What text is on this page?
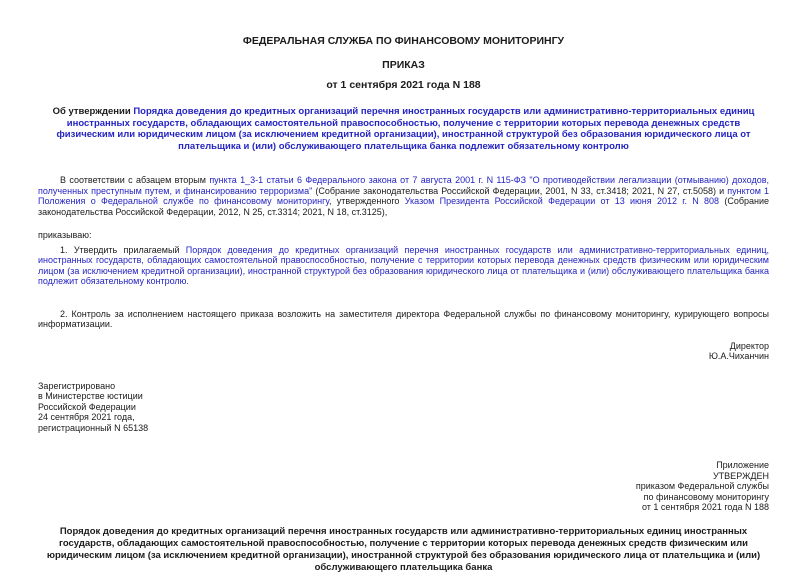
ФЕДЕРАЛЬНАЯ СЛУЖБА ПО ФИНАНСОВОМУ МОНИТОРИНГУ
ПРИКАЗ
от 1 сентября 2021 года N 188
Об утверждении Порядка доведения до кредитных организаций перечня иностранных государств или административно-территориальных единиц иностранных государств, обладающих самостоятельной правоспособностью, получение с территории которых перевода денежных средств физическим или юридическим лицом (за исключением кредитной организации), иностранной структурой без образования юридического лица от плательщика и (или) обслуживающего плательщика банка подлежит обязательному контролю

В соответствии с абзацем вторым пункта 1_3-1 статьи 6 Федерального закона от 7 августа 2001 г. N 115-ФЗ "О противодействии легализации (отмыванию) доходов, полученных преступным путем, и финансированию терроризма" (Собрание законодательства Российской Федерации, 2001, N 33, ст.3418; 2021, N 27, ст.5058) и пунктом 1 Положения о Федеральной службе по финансовому мониторингу, утвержденного Указом Президента Российской Федерации от 13 июня 2012 г. N 808 (Собрание законодательства Российской Федерации, 2012, N 25, ст.3314; 2021, N 18, ст.3125),

приказываю:

1. Утвердить прилагаемый Порядок доведения до кредитных организаций перечня иностранных государств или административно-территориальных единиц, иностранных государств, обладающих самостоятельной правоспособностью, получение с территории которых перевода денежных средств физическим или юридическим лицом (за исключением кредитной организации), иностранной структурой без образования юридического лица от плательщика и (или) обслуживающего плательщика банка подлежит обязательному контролю.

2. Контроль за исполнением настоящего приказа возложить на заместителя директора Федеральной службы по финансовому мониторингу, курирующего вопросы информатизации.

Директор
Ю.А.Чиханчин
Зарегистрировано
в Министерстве юстиции
Российской Федерации
24 сентября 2021 года,
регистрационный N 65138
Приложение
УТВЕРЖДЕН
приказом Федеральной службы
по финансовому мониторингу
от 1 сентября 2021 года N 188
Порядок доведения до кредитных организаций перечня иностранных государств или административно-территориальных единиц иностранных государств, обладающих самостоятельной правоспособностью, получение с территории которых перевода денежных средств физическим или юридическим лицом (за исключением кредитной организации), иностранной структурой без образования юридического лица от плательщика и (или) обслуживающего плательщика банка
